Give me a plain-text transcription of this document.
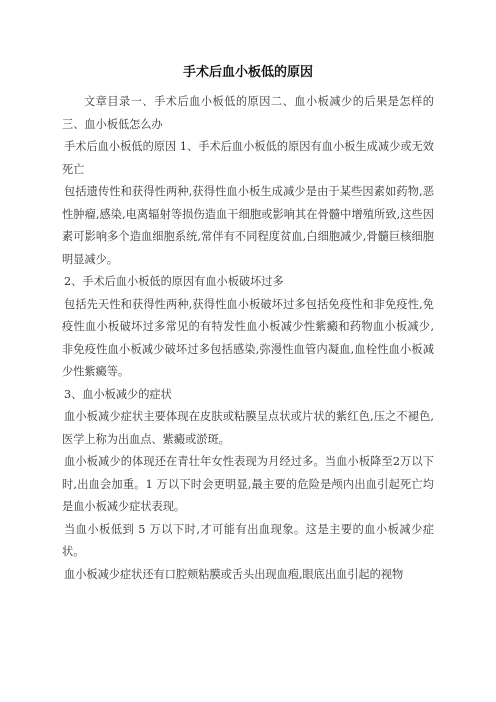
手术后血小板低的原因

文章目录一、手术后血小板低的原因二、血小板减少的后果是怎样的三、血小板低怎么办

手术后血小板低的原因 1、手术后血小板低的原因有血小板生成减少或无效死亡

包括遗传性和获得性两种,获得性血小板生成减少是由于某些因素如药物,恶性肿瘤,感染,电离辐射等损伤造血干细胞或影响其在骨髓中增殖所致,这些因素可影响多个造血细胞系统,常伴有不同程度贫血,白细胞减少,骨髓巨核细胞明显减少。

2、手术后血小板低的原因有血小板破坏过多

包括先天性和获得性两种,获得性血小板破坏过多包括免疫性和非免疫性,免疫性血小板破坏过多常见的有特发性血小板减少性紫癜和药物血小板减少,非免疫性血小板减少破坏过多包括感染,弥漫性血管内凝血,血栓性血小板减少性紫癜等。

3、血小板减少的症状

血小板减少症状主要体现在皮肤或粘膜呈点状或片状的紫红色,压之不褪色,医学上称为出血点、紫癜或淤斑。

血小板减少的体现还在青壮年女性表现为月经过多。当血小板降至2万以下时,出血会加重。1 万以下时会更明显,最主要的危险是颅内出血引起死亡均是血小板减少症状表现。

当血小板低到 5 万以下时,才可能有出血现象。这是主要的血小板减少症状。

血小板减少症状还有口腔颊粘膜或舌头出现血疱,眼底出血引起的视物
